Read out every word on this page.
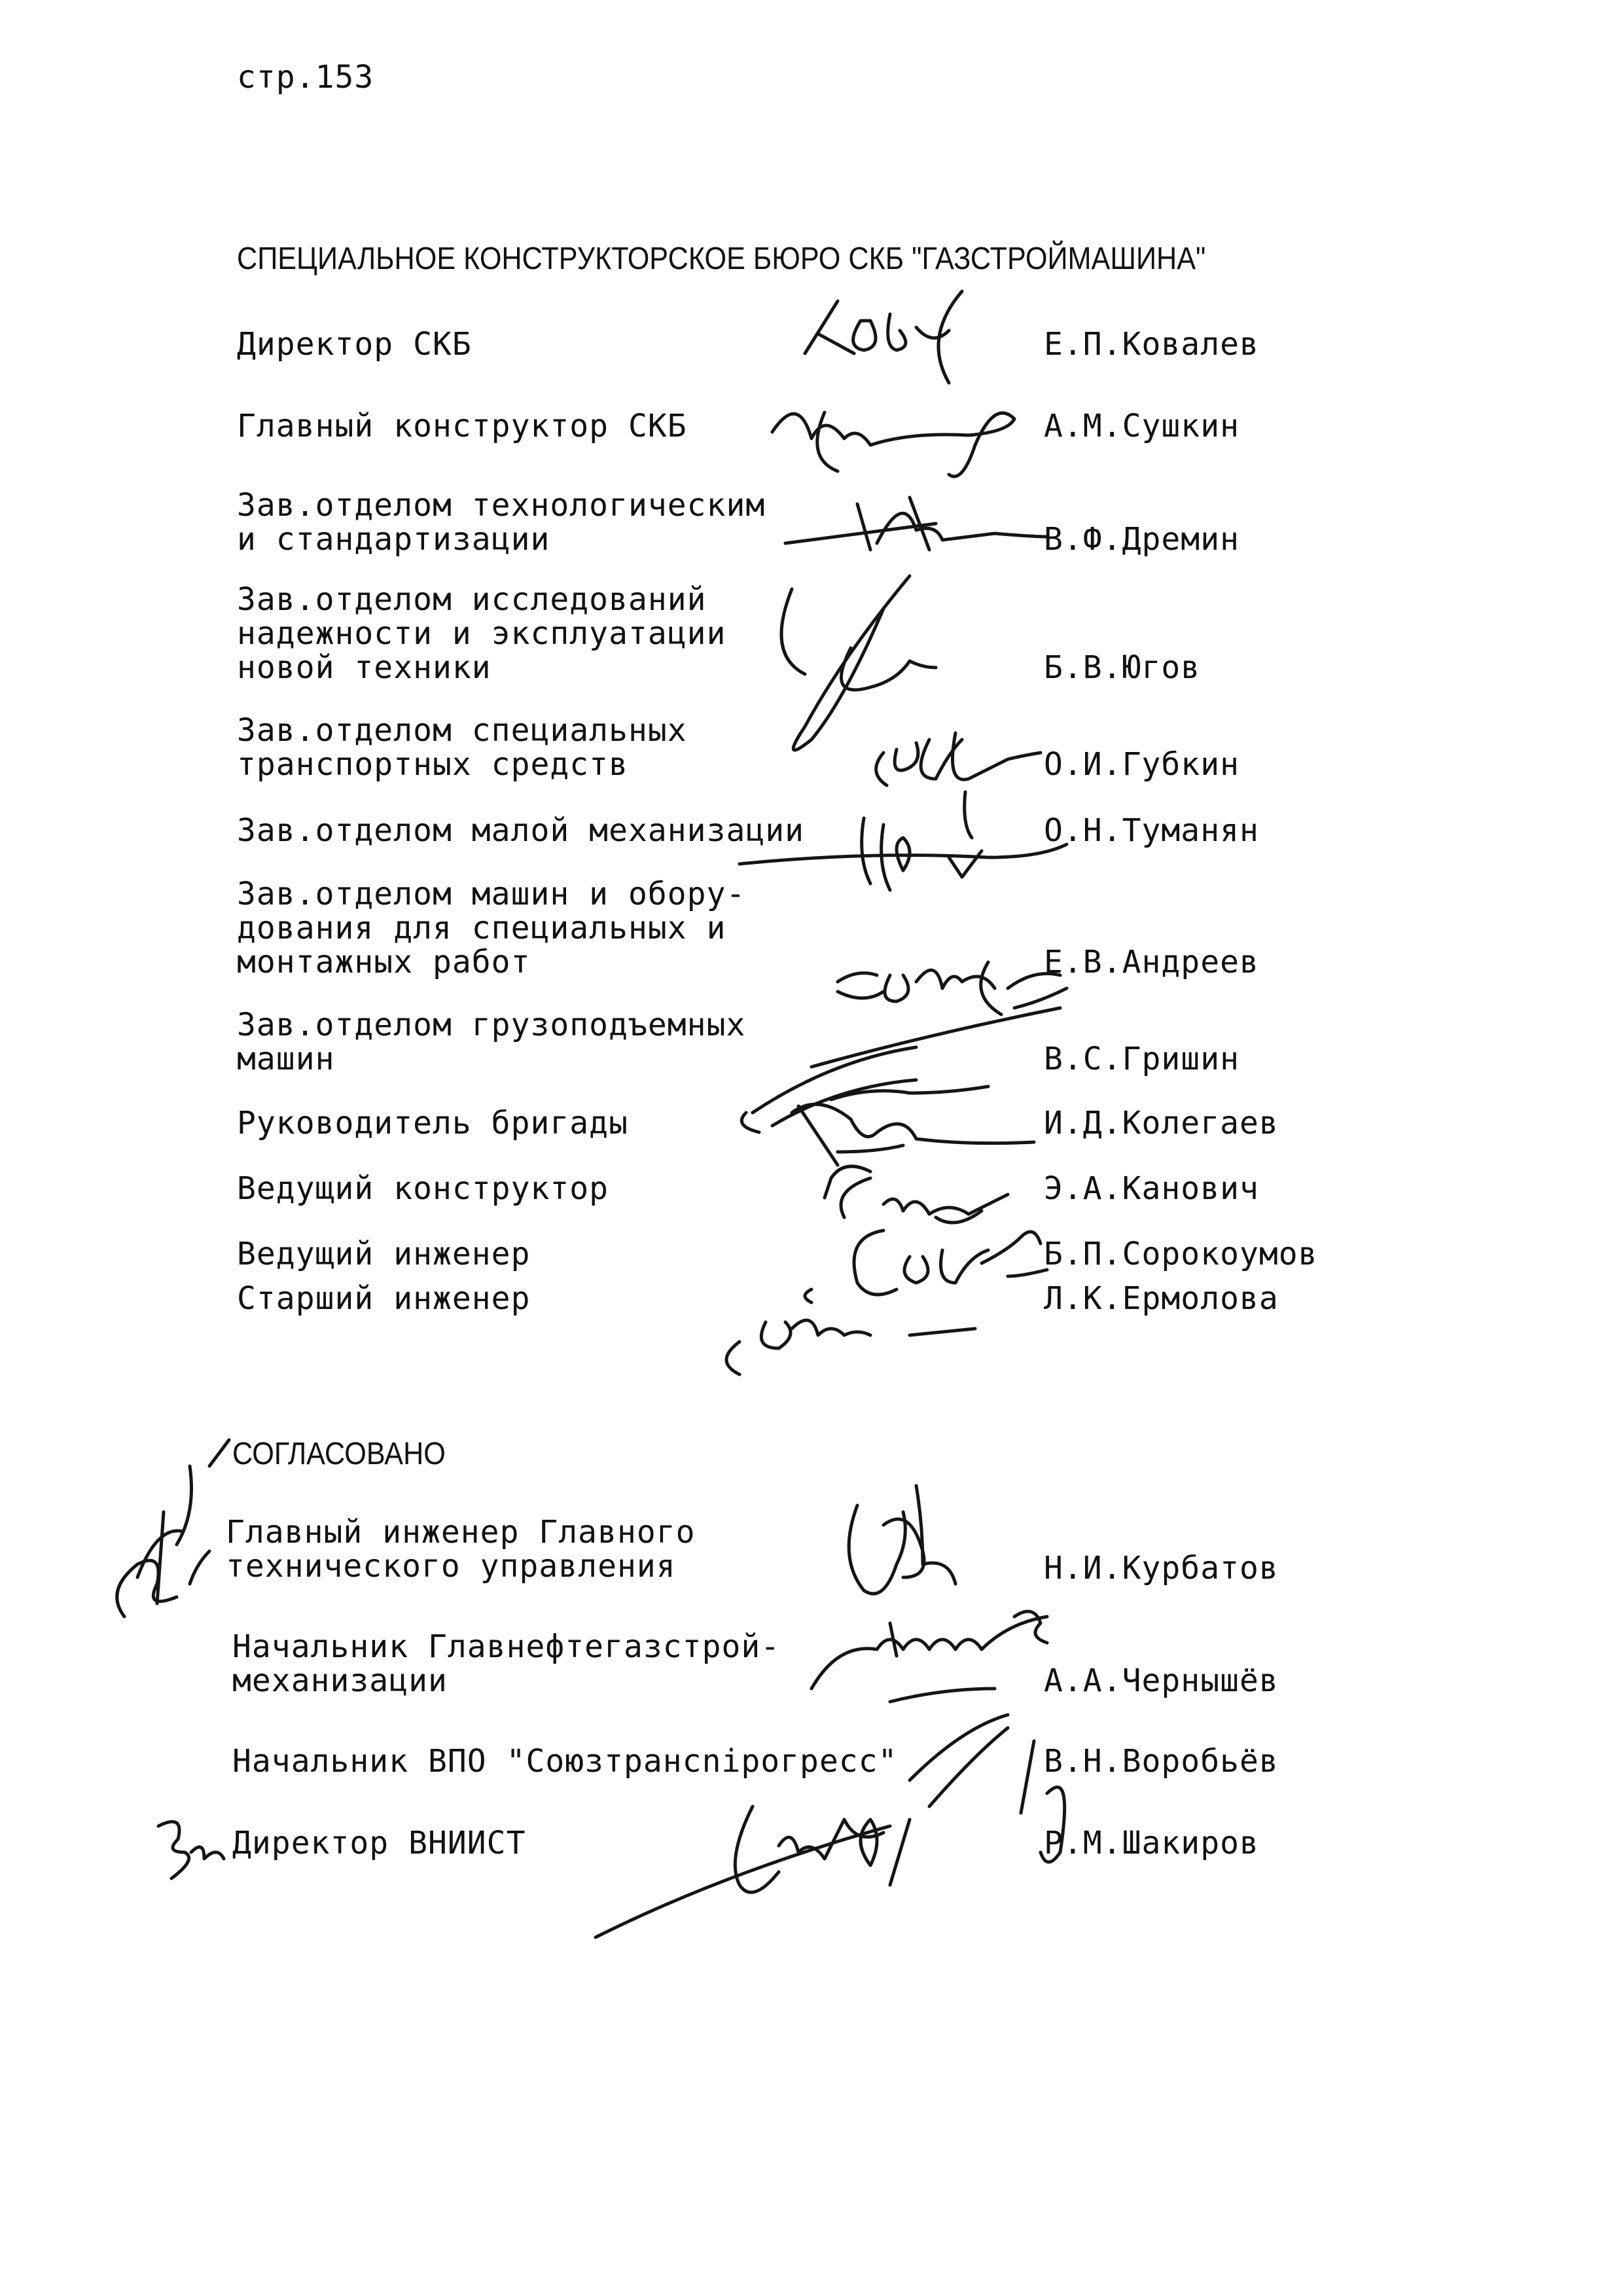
стр.153

СПЕЦИАЛЬНОЕ КОНСТРУКТОРСКОЕ БЮРО СКБ "ГАЗСТРОЙМАШИНА"

Директор СКБ	Е.П.Ковалев

Главный конструктор СКБ	А.М.Сушкин

Зав.отделом технологическим
и стандартизации	В.Ф.Дремин

Зав.отделом исследований
надежности и эксплуатации
новой техники	Б.В.Югов

Зав.отделом специальных
транспортных средств	О.И.Губкин

Зав.отделом малой механизации	О.Н.Туманян

Зав.отделом машин и обору-
дования для специальных и
монтажных работ	Е.В.Андреев

Зав.отделом грузоподъемных
машин	В.С.Гришин

Руководитель бригады	И.Д.Колегаев

Ведущий конструктор	Э.А.Канович

Ведущий инженер	Б.П.Сорокоумов

Старший инженер	Л.К.Ермолова

СОГЛАСОВАНО

Главный инженер Главного
технического управления	Н.И.Курбатов

Начальник Главнефтегазстрой-
механизации	А.А.Чернышёв

Начальник ВПО "Союзтрансniрогресс"	В.Н.Воробьёв

Директор ВНИИСТ	Р.М.Шакиров
